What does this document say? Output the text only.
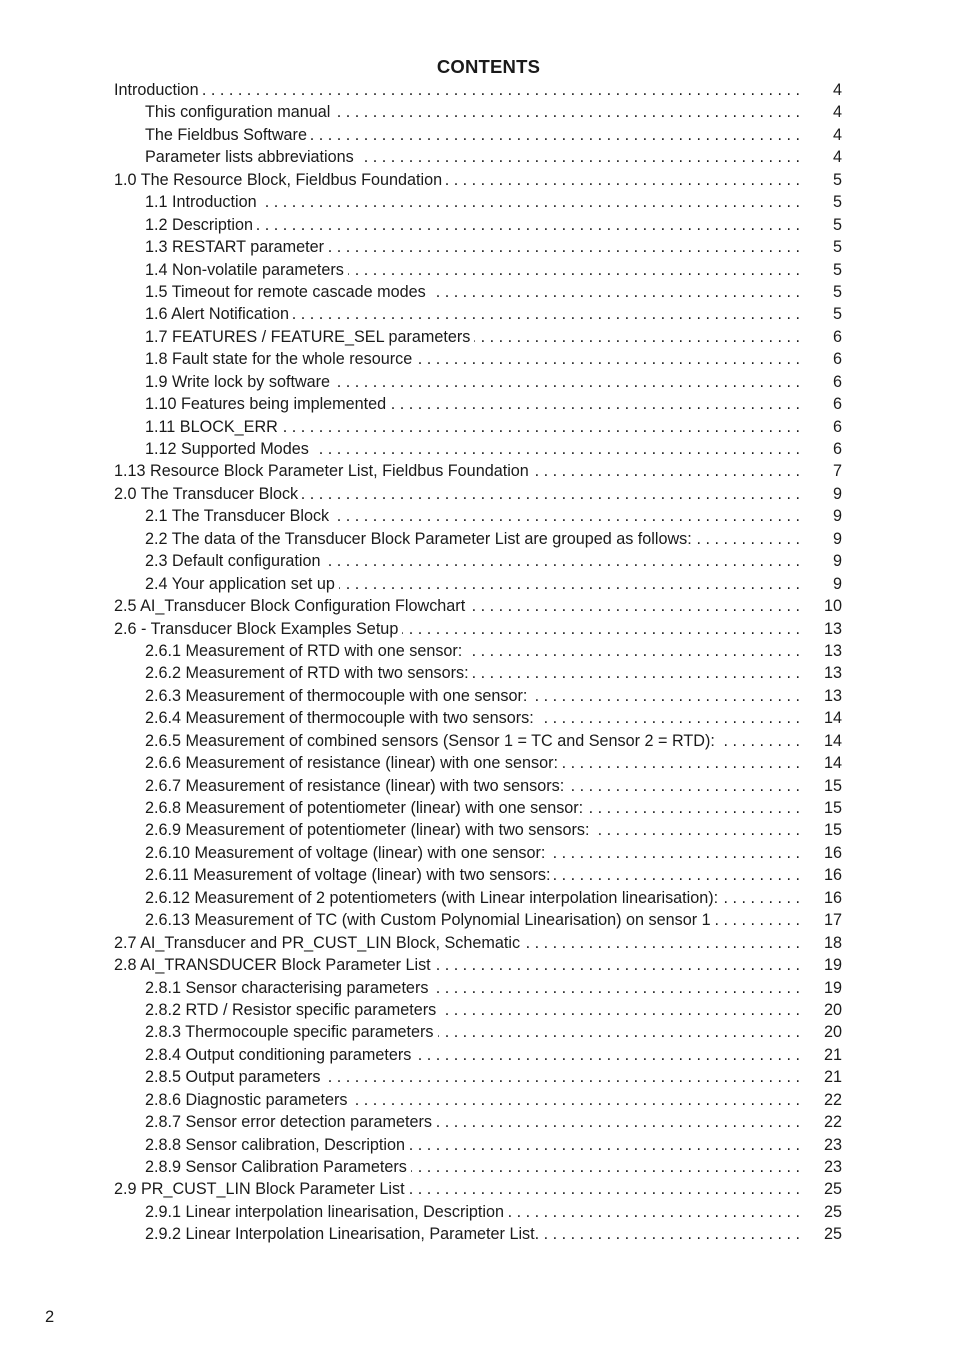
CONTENTS
Introduction . . .	4
This configuration manual . . .	4
The Fieldbus Software . . .	4
Parameter lists abbreviations . . .	4
1.0 The Resource Block, Fieldbus Foundation . . .	5
1.1 Introduction . . .	5
1.2 Description . . .	5
1.3 RESTART parameter . . .	5
1.4 Non-volatile parameters . . .	5
1.5 Timeout for remote cascade modes . . .	5
1.6 Alert Notification . . .	5
1.7 FEATURES / FEATURE_SEL parameters . . .	6
1.8 Fault state for the whole resource . . .	6
1.9 Write lock by software . . .	6
1.10 Features being implemented . . .	6
1.11 BLOCK_ERR . . .	6
1.12 Supported Modes . . .	6
1.13 Resource Block Parameter List, Fieldbus Foundation . . .	7
2.0 The Transducer Block . . .	9
2.1 The Transducer Block . . .	9
2.2 The data of the Transducer Block Parameter List are grouped as follows: . . .	9
2.3 Default configuration . . .	9
2.4 Your application set up . . .	9
2.5 AI_Transducer Block Configuration Flowchart . . .	10
2.6 - Transducer Block Examples Setup . . .	13
2.6.1 Measurement of RTD with one sensor: . . .	13
2.6.2 Measurement of RTD with two sensors: . . .	13
2.6.3 Measurement of thermocouple with one sensor: . . .	13
2.6.4 Measurement of thermocouple with two sensors: . . .	14
2.6.5 Measurement of combined sensors (Sensor 1 = TC and Sensor 2 = RTD): . . .	14
2.6.6 Measurement of resistance (linear) with one sensor: . . .	14
2.6.7 Measurement of resistance (linear) with two sensors: . . .	15
2.6.8 Measurement of potentiometer (linear) with one sensor: . . .	15
2.6.9 Measurement of potentiometer (linear) with two sensors: . . .	15
2.6.10 Measurement of voltage (linear) with one sensor: . . .	16
2.6.11 Measurement of voltage (linear) with two sensors: . . .	16
2.6.12 Measurement of 2 potentiometers (with Linear interpolation linearisation): . . .	16
2.6.13 Measurement of TC (with Custom Polynomial Linearisation) on sensor 1 . . .	17
2.7 AI_Transducer and PR_CUST_LIN Block, Schematic . . .	18
2.8 AI_TRANSDUCER Block Parameter List . . .	19
2.8.1 Sensor characterising parameters . . .	19
2.8.2 RTD / Resistor specific parameters . . .	20
2.8.3 Thermocouple specific parameters . . .	20
2.8.4 Output conditioning parameters . . .	21
2.8.5 Output parameters . . .	21
2.8.6 Diagnostic parameters . . .	22
2.8.7 Sensor error detection parameters . . .	22
2.8.8 Sensor calibration, Description . . .	23
2.8.9 Sensor Calibration Parameters . . .	23
2.9 PR_CUST_LIN Block Parameter List . . .	25
2.9.1 Linear interpolation linearisation, Description . . .	25
2.9.2 Linear Interpolation Linearisation, Parameter List. . . .	25
2
